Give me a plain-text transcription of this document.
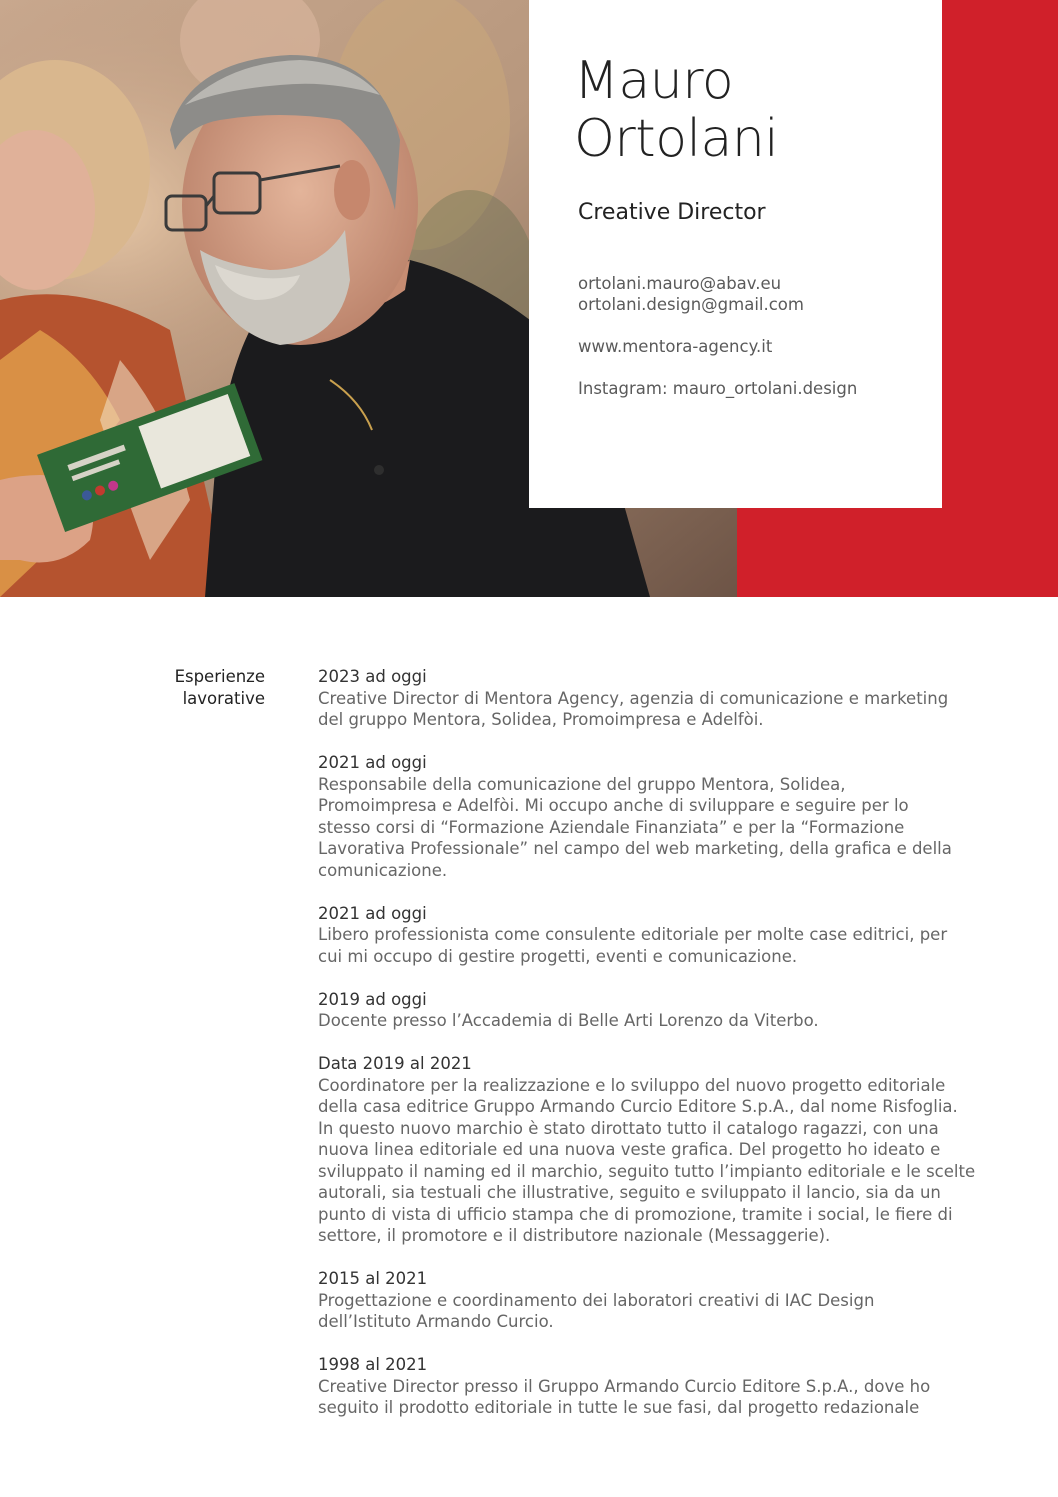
Mauro
Ortolani
Creative Director
ortolani.mauro@abav.eu
ortolani.design@gmail.com
www.mentora-agency.it
Instagram: mauro_ortolani.design
Esperienze
lavorative
2023 ad oggi
Creative Director di Mentora Agency, agenzia di comunicazione e marketing
del gruppo Mentora, Solidea, Promoimpresa e Adelfòi.
2021 ad oggi
Responsabile della comunicazione del gruppo Mentora, Solidea,
Promoimpresa e Adelfòi. Mi occupo anche di sviluppare e seguire per lo
stesso corsi di “Formazione Aziendale Finanziata” e per la “Formazione
Lavorativa Professionale” nel campo del web marketing, della grafica e della
comunicazione.
2021 ad oggi
Libero professionista come consulente editoriale per molte case editrici, per
cui mi occupo di gestire progetti, eventi e comunicazione.
2019 ad oggi
Docente presso l’Accademia di Belle Arti Lorenzo da Viterbo.
Data 2019 al 2021
Coordinatore per la realizzazione e lo sviluppo del nuovo progetto editoriale
della casa editrice Gruppo Armando Curcio Editore S.p.A., dal nome Risfoglia.
In questo nuovo marchio è stato dirottato tutto il catalogo ragazzi, con una
nuova linea editoriale ed una nuova veste grafica. Del progetto ho ideato e
sviluppato il naming ed il marchio, seguito tutto l’impianto editoriale e le scelte
autorali, sia testuali che illustrative, seguito e sviluppato il lancio, sia da un
punto di vista di ufficio stampa che di promozione, tramite i social, le fiere di
settore, il promotore e il distributore nazionale (Messaggerie).
2015 al 2021
Progettazione e coordinamento dei laboratori creativi di IAC Design
dell’Istituto Armando Curcio.
1998 al 2021
Creative Director presso il Gruppo Armando Curcio Editore S.p.A., dove ho
seguito il prodotto editoriale in tutte le sue fasi, dal progetto redazionale
